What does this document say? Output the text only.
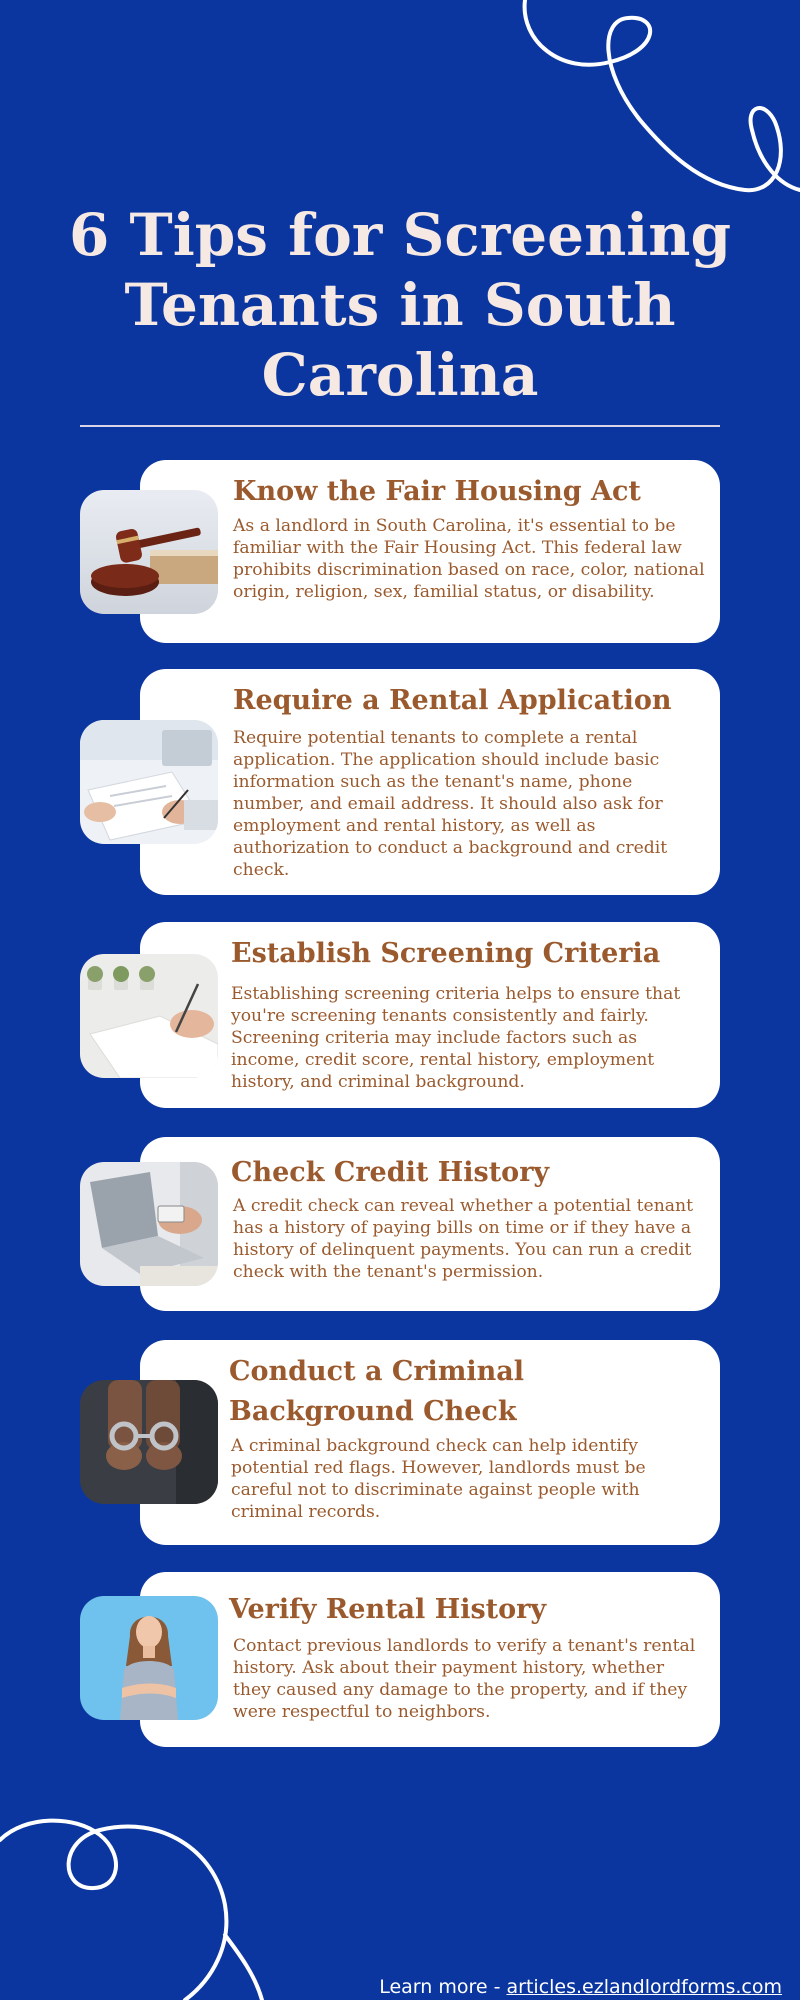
6 Tips for Screening Tenants in South Carolina
Know the Fair Housing Act

As a landlord in South Carolina, it's essential to be familiar with the Fair Housing Act. This federal law prohibits discrimination based on race, color, national origin, religion, sex, familial status, or disability.

Require a Rental Application

Require potential tenants to complete a rental application. The application should include basic information such as the tenant's name, phone number, and email address. It should also ask for employment and rental history, as well as authorization to conduct a background and credit check.

Establish Screening Criteria

Establishing screening criteria helps to ensure that you're screening tenants consistently and fairly. Screening criteria may include factors such as income, credit score, rental history, employment history, and criminal background.

Check Credit History

A credit check can reveal whether a potential tenant has a history of paying bills on time or if they have a history of delinquent payments. You can run a credit check with the tenant's permission.

Conduct a Criminal Background Check

A criminal background check can help identify potential red flags. However, landlords must be careful not to discriminate against people with criminal records.

Verify Rental History

Contact previous landlords to verify a tenant's rental history. Ask about their payment history, whether they caused any damage to the property, and if they were respectful to neighbors.

Learn more - articles.ezlandlordforms.com
